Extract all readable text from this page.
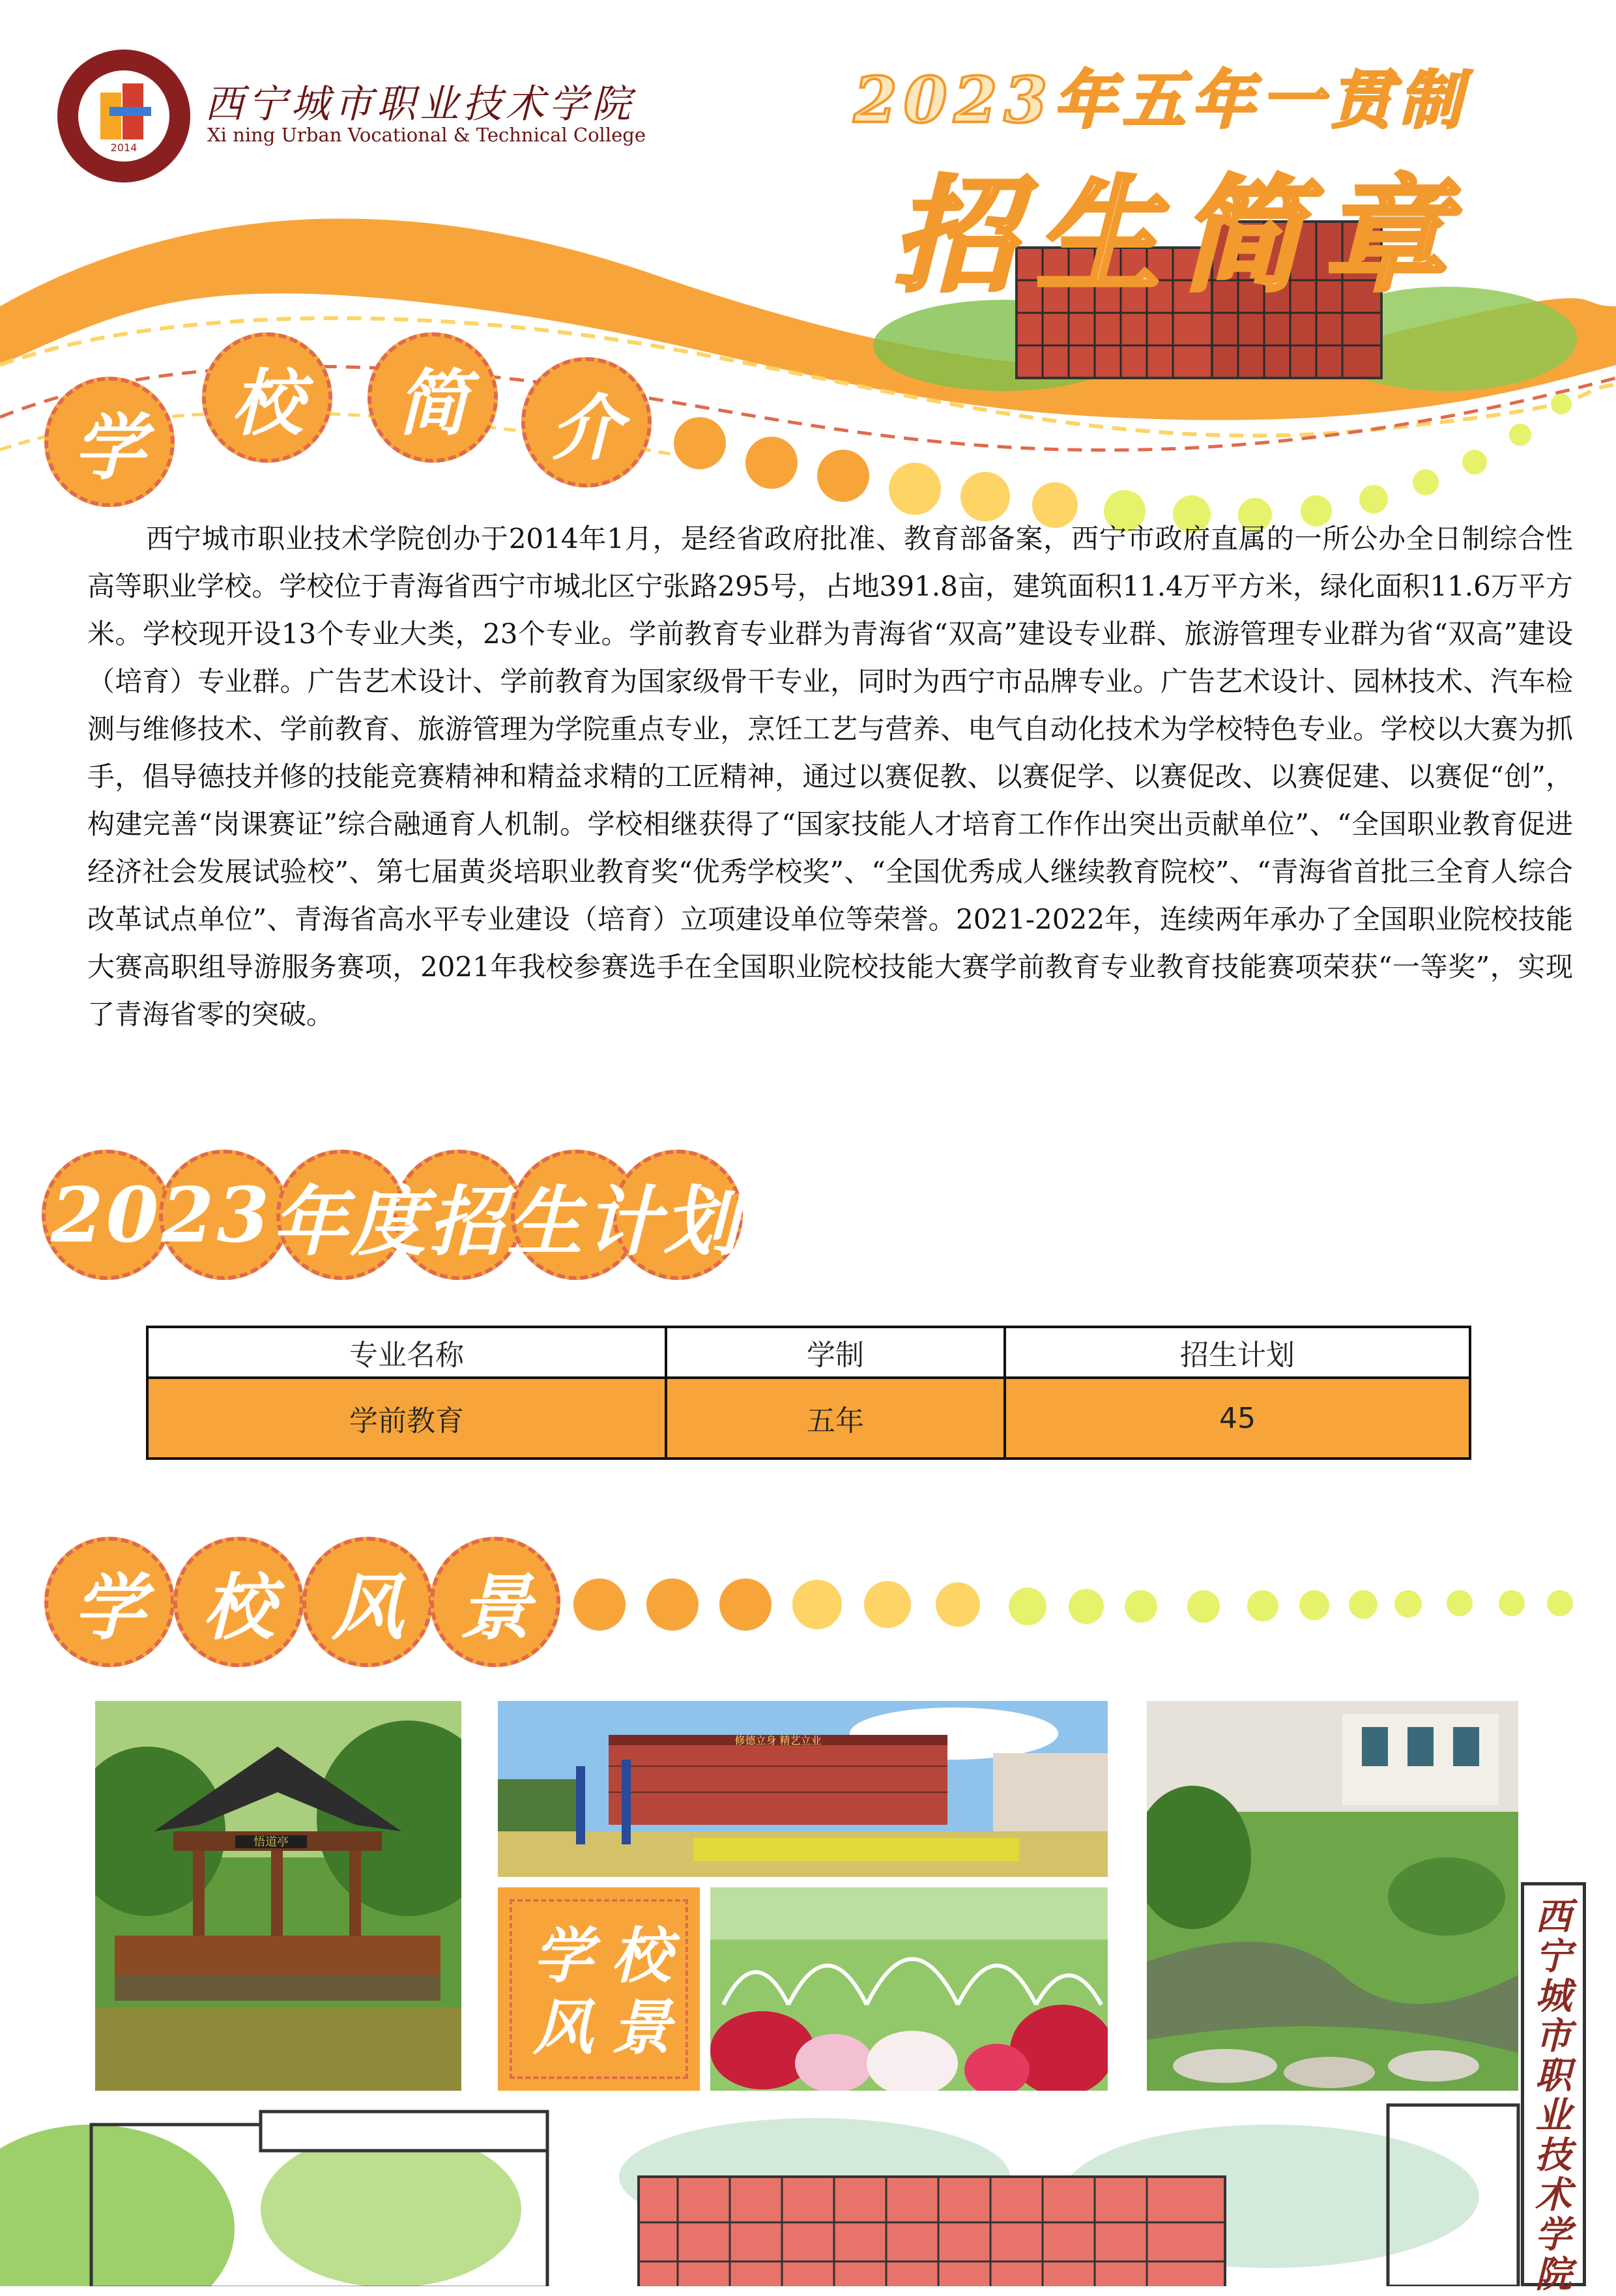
2014
西宁城市职业技术学院
Xi ning Urban Vocational & Technical College	2023年五年一贯制
招生简章
学
校	简	介
西宁城市职业技术学院创办于2014年1月，是经省政府批准、教育部备案，西宁市政府直属的一所公办全日制综合性高等职业学校。学校位于青海省西宁市城北区宁张路295号，占地391.8亩，建筑面积11.4万平方米，绿化面积11.6万平方米。学校现开设13个专业大类，23个专业。学前教育专业群为青海省“双高”建设专业群、旅游管理专业群为省“双高”建设（培育）专业群。广告艺术设计、学前教育为国家级骨干专业，同时为西宁市品牌专业。广告艺术设计、园林技术、汽车检测与维修技术、学前教育、旅游管理为学院重点专业，烹饪工艺与营养、电气自动化技术为学校特色专业。学校以大赛为抓手，倡导德技并修的技能竞赛精神和精益求精的工匠精神，通过以赛促教、以赛促学、以赛促改、以赛促建、以赛促“创”，构建完善“岗课赛证”综合融通育人机制。学校相继获得了“国家技能人才培育工作作出突出贡献单位”、“全国职业教育促进经济社会发展试验校”、第七届黄炎培职业教育奖“优秀学校奖”、“全国优秀成人继续教育院校”、“青海省首批三全育人综合改革试点单位”、青海省高水平专业建设（培育）立项建设单位等荣誉。2021-2022年，连续两年承办了全国职业院校技能大赛高职组导游服务赛项，2021年我校参赛选手在全国职业院校技能大赛学前教育专业教育技能赛项荣获“一等奖”，实现了青海省零的突破。
2 0 2 3 年 度 招 生 计 划
专业名称	学制	招生计划
学前教育	五年	45
学 校 风 景
悟道亭
修德立身 精艺立业
学 校
风 景
西
宁
城
市
职
业
技
术
学
院
